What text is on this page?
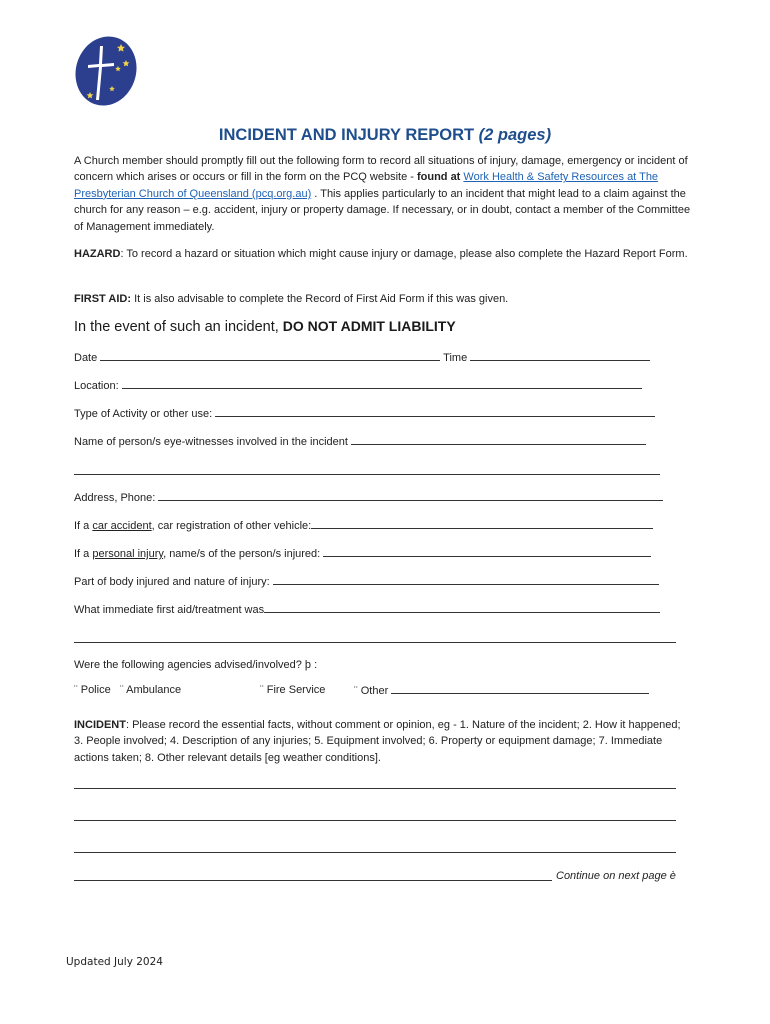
INCIDENT AND INJURY REPORT (2 pages)
A Church member should promptly fill out the following form to record all situations of injury, damage, emergency or incident of concern which arises or occurs or fill in the form on the PCQ website - found at Work Health & Safety Resources at The Presbyterian Church of Queensland (pcq.org.au) . This applies particularly to an incident that might lead to a claim against the church for any reason – e.g. accident, injury or property damage. If necessary, or in doubt, contact a member of the Committee of Management immediately.
HAZARD: To record a hazard or situation which might cause injury or damage, please also complete the Hazard Report Form.
FIRST AID: It is also advisable to complete the Record of First Aid Form if this was given.
In the event of such an incident, DO NOT ADMIT LIABILITY
Date	Time
Location:
Type of Activity or other use:
Name of person/s eye-witnesses involved in the incident
Address, Phone:
If a car accident, car registration of other vehicle:
If a personal injury, name/s of the person/s injured:
Part of body injured and nature of injury:
What immediate first aid/treatment was
Were the following agencies advised/involved? þ :
¨ Police ¨ Ambulance	¨ Fire Service	¨ Other
INCIDENT: Please record the essential facts, without comment or opinion, eg - 1. Nature of the incident; 2. How it happened; 3. People involved; 4. Description of any injuries; 5. Equipment involved; 6. Property or equipment damage; 7. Immediate actions taken; 8. Other relevant details [eg weather conditions].
Continue on next page è
Updated July 2024
